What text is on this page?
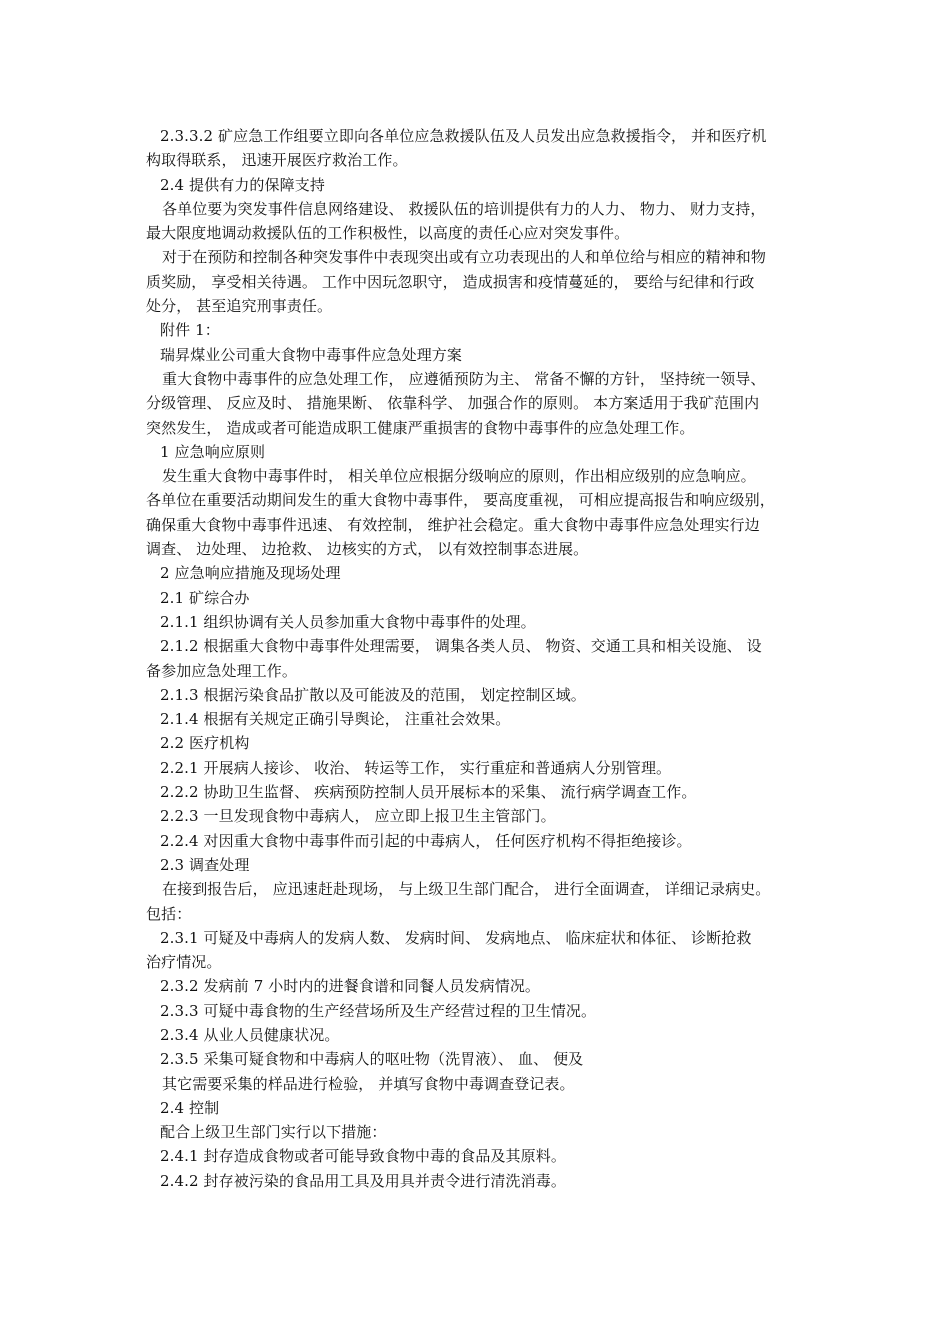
2.3.3.2 矿应急工作组要立即向各单位应急救援队伍及人员发出应急救援指令， 并和医疗机
构取得联系， 迅速开展医疗救治工作。
2.4 提供有力的保障支持
各单位要为突发事件信息网络建设、 救援队伍的培训提供有力的人力、 物力、 财力支持，
最大限度地调动救援队伍的工作积极性，以高度的责任心应对突发事件。
对于在预防和控制各种突发事件中表现突出或有立功表现出的人和单位给与相应的精神和物
质奖励， 享受相关待遇。 工作中因玩忽职守， 造成损害和疫情蔓延的， 要给与纪律和行政
处分， 甚至追究刑事责任。
附件 1：
瑞昇煤业公司重大食物中毒事件应急处理方案
重大食物中毒事件的应急处理工作， 应遵循预防为主、 常备不懈的方针， 坚持统一领导、
分级管理、 反应及时、 措施果断、 依靠科学、 加强合作的原则。 本方案适用于我矿范围内
突然发生， 造成或者可能造成职工健康严重损害的食物中毒事件的应急处理工作。
1 应急响应原则
发生重大食物中毒事件时， 相关单位应根据分级响应的原则，作出相应级别的应急响应。
各单位在重要活动期间发生的重大食物中毒事件， 要高度重视， 可相应提高报告和响应级别，
确保重大食物中毒事件迅速、 有效控制， 维护社会稳定。重大食物中毒事件应急处理实行边
调查、 边处理、 边抢救、 边核实的方式， 以有效控制事态进展。
2 应急响应措施及现场处理
2.1 矿综合办
2.1.1 组织协调有关人员参加重大食物中毒事件的处理。
2.1.2 根据重大食物中毒事件处理需要， 调集各类人员、 物资、交通工具和相关设施、 设
备参加应急处理工作。
2.1.3 根据污染食品扩散以及可能波及的范围， 划定控制区域。
2.1.4 根据有关规定正确引导舆论， 注重社会效果。
2.2 医疗机构
2.2.1 开展病人接诊、 收治、 转运等工作， 实行重症和普通病人分别管理。
2.2.2 协助卫生监督、 疾病预防控制人员开展标本的采集、 流行病学调查工作。
2.2.3 一旦发现食物中毒病人， 应立即上报卫生主管部门。
2.2.4 对因重大食物中毒事件而引起的中毒病人， 任何医疗机构不得拒绝接诊。
2.3 调查处理
在接到报告后， 应迅速赶赴现场， 与上级卫生部门配合， 进行全面调查， 详细记录病史。
包括：
2.3.1 可疑及中毒病人的发病人数、 发病时间、 发病地点、 临床症状和体征、 诊断抢救
治疗情况。
2.3.2 发病前 7 小时内的进餐食谱和同餐人员发病情况。
2.3.3 可疑中毒食物的生产经营场所及生产经营过程的卫生情况。
2.3.4 从业人员健康状况。
2.3.5 采集可疑食物和中毒病人的呕吐物（洗胃液）、 血、 便及
其它需要采集的样品进行检验， 并填写食物中毒调查登记表。
2.4 控制
配合上级卫生部门实行以下措施：
2.4.1 封存造成食物或者可能导致食物中毒的食品及其原料。
2.4.2 封存被污染的食品用工具及用具并责令进行清洗消毒。
